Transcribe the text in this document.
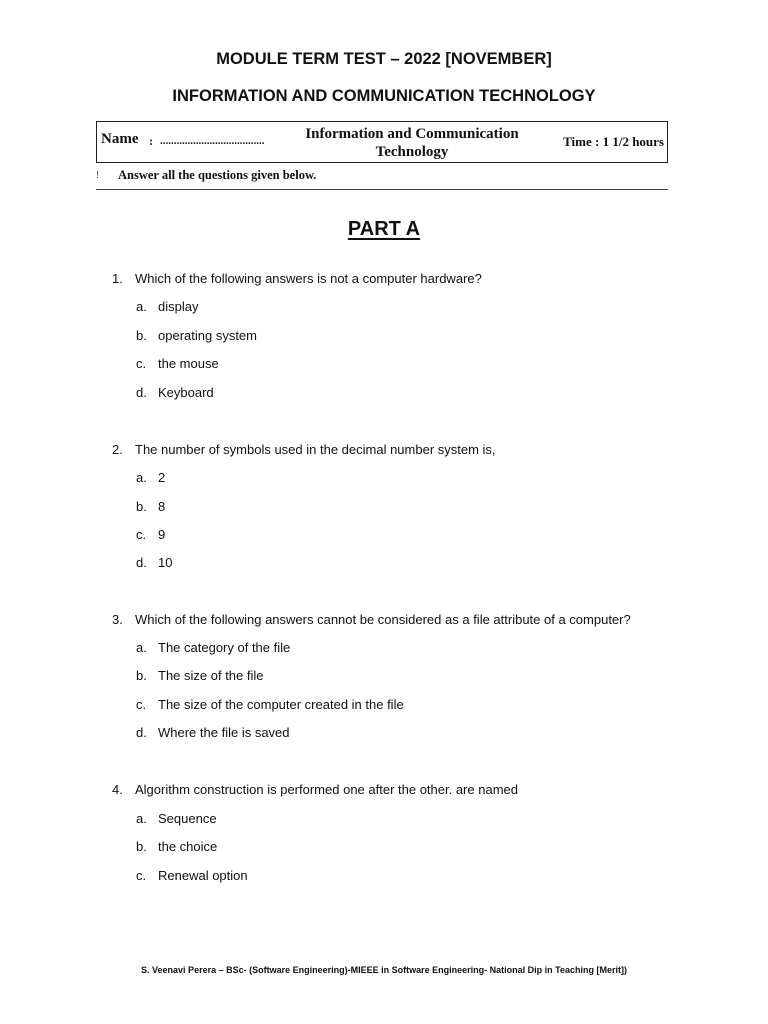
MODULE TERM TEST – 2022 [NOVEMBER]
INFORMATION AND COMMUNICATION TECHNOLOGY
Name : ......................................	Information and Communication Technology
Time : 1 1/2 hours
! Answer all the questions given below.
PART A
1. Which of the following answers is not a computer hardware?
a. display
b. operating system
c. the mouse
d. Keyboard
2. The number of symbols used in the decimal number system is,
a. 2
b. 8
c. 9
d. 10
3. Which of the following answers cannot be considered as a file attribute of a computer?
a. The category of the file
b. The size of the file
c. The size of the computer created in the file
d. Where the file is saved
4. Algorithm construction is performed one after the other. are named
a. Sequence
b. the choice
c. Renewal option
S. Veenavi Perera – BSc- (Software Engineering)-MIEEE in Software Engineering- National Dip in Teaching [Merit])
